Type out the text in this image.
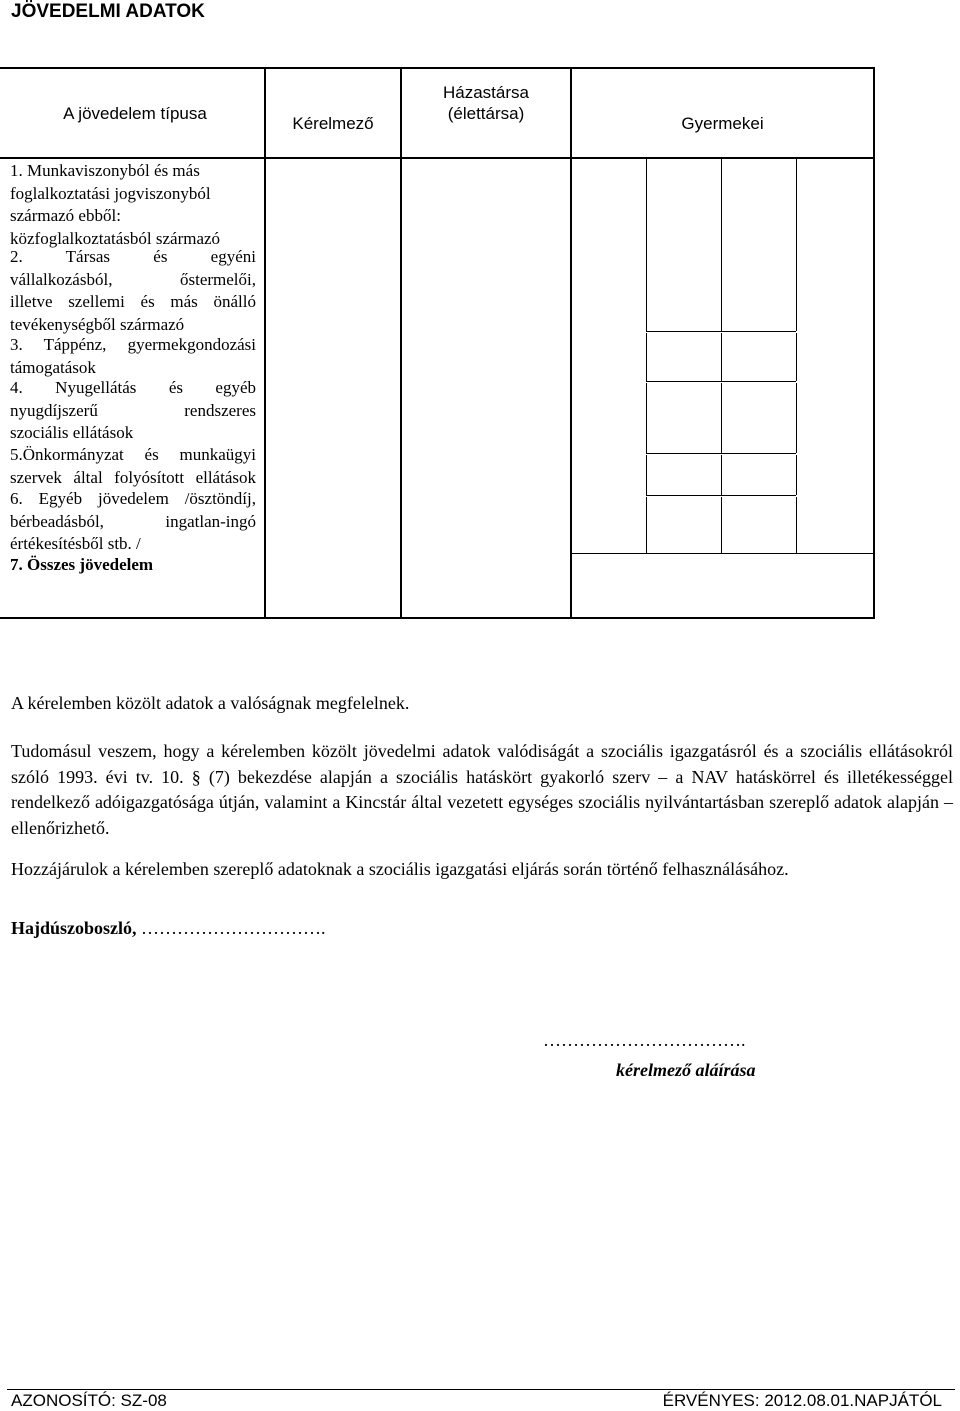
JÖVEDELMI ADATOK
A jövedelem típusa
Kérelmező
Házastársa
(élettársa)
Gyermekei
1. Munkaviszonyból és más
foglalkoztatási jogviszonyból
származó ebből:
közfoglalkoztatásból származó
2. Társas és egyéni
vállalkozásból, őstermelői,
illetve szellemi és más önálló
tevékenységből származó
3. Táppénz, gyermekgondozási
támogatások
4. Nyugellátás és egyéb
nyugdíjszerű rendszeres
szociális ellátások
5.Önkormányzat és munkaügyi
szervek által folyósított ellátások
6. Egyéb jövedelem /ösztöndíj,
bérbeadásból, ingatlan-ingó
értékesítésből stb. /
7. Összes jövedelem
A kérelemben közölt adatok a valóságnak megfelelnek.
Tudomásul veszem, hogy a kérelemben közölt jövedelmi adatok valódiságát a szociális igazgatásról és a szociális ellátásokról szóló 1993. évi tv. 10. § (7) bekezdése alapján a szociális hatáskört gyakorló szerv – a NAV hatáskörrel és illetékességgel rendelkező adóigazgatósága útján, valamint a Kincstár által vezetett egységes szociális nyilvántartásban szereplő adatok alapján – ellenőrizhető.
Hozzájárulok a kérelemben szereplő adatoknak a szociális igazgatási eljárás során történő felhasználásához.
Hajdúszoboszló, ………………………….
…………………………….
kérelmező aláírása
AZONOSÍTÓ: SZ-08	ÉRVÉNYES: 2012.08.01.NAPJÁTÓL
